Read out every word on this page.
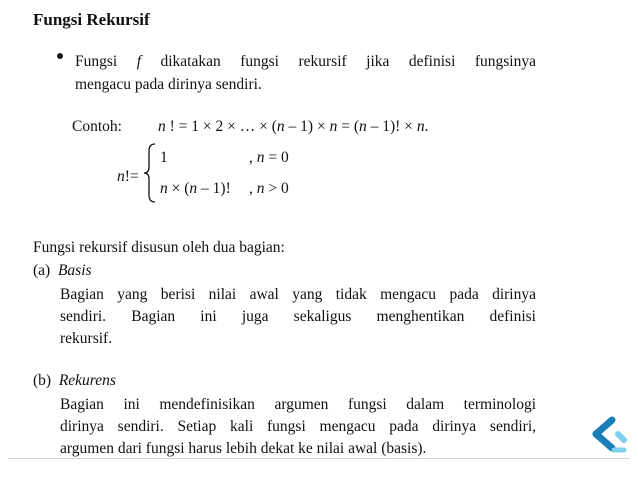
Fungsi Rekursif
Fungsi f dikatakan fungsi rekursif jika definisi fungsinya
mengacu pada dirinya sendiri.
Contoh: n ! = 1 × 2 × … × (n – 1) × n = (n – 1)! × n.
n!=
1	, n = 0
n × (n – 1)! , n > 0
Fungsi rekursif disusun oleh dua bagian:
(a) Basis
Bagian yang berisi nilai awal yang tidak mengacu pada dirinya
sendiri. Bagian ini juga sekaligus menghentikan definisi
rekursif.
(b) Rekurens
Bagian ini mendefinisikan argumen fungsi dalam terminologi
dirinya sendiri. Setiap kali fungsi mengacu pada dirinya sendiri,
argumen dari fungsi harus lebih dekat ke nilai awal (basis).
